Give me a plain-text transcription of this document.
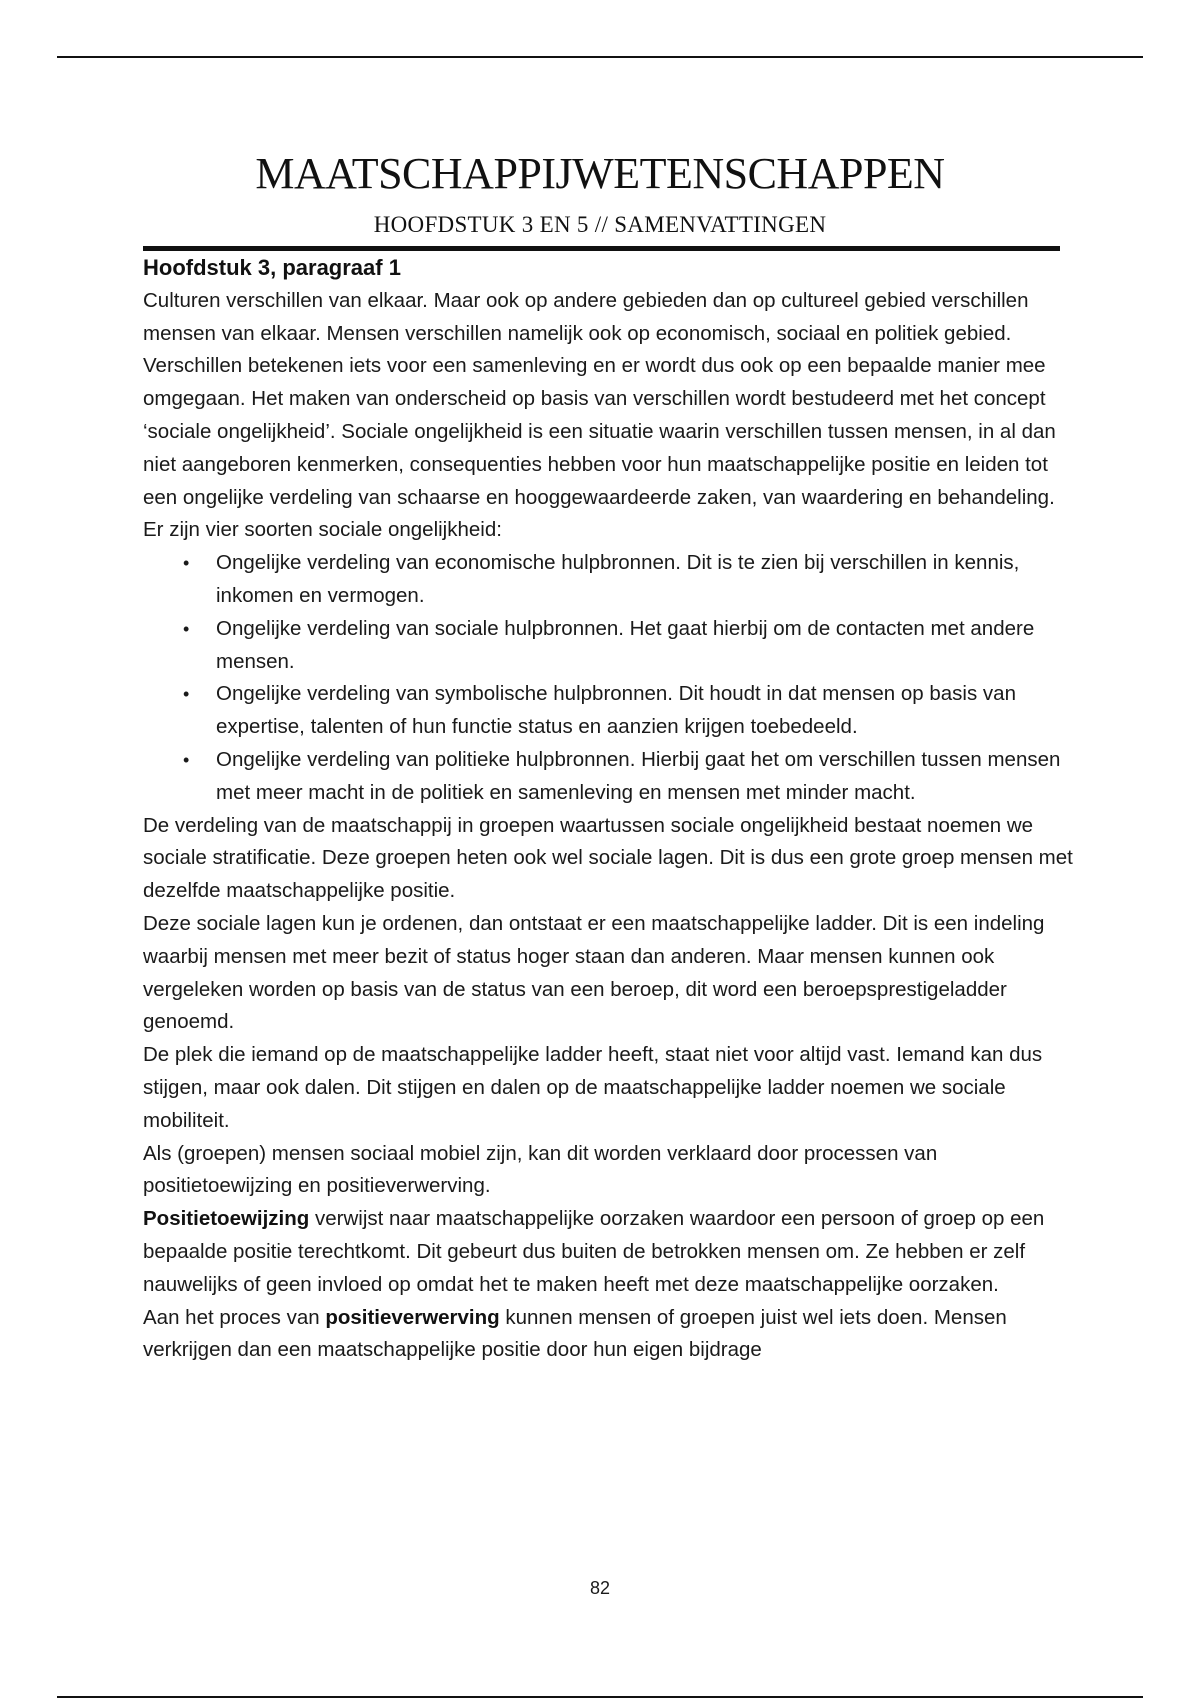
MAATSCHAPPIJWETENSCHAPPEN
HOOFDSTUK 3 EN 5 // SAMENVATTINGEN
Hoofdstuk 3, paragraaf 1

Culturen verschillen van elkaar. Maar ook op andere gebieden dan op cultureel gebied verschillen mensen van elkaar. Mensen verschillen namelijk ook op economisch, sociaal en politiek gebied. Verschillen betekenen iets voor een samenleving en er wordt dus ook op een bepaalde manier mee omgegaan. Het maken van onderscheid op basis van verschillen wordt bestudeerd met het concept ‘sociale ongelijkheid’. Sociale ongelijkheid is een situatie waarin verschillen tussen mensen, in al dan niet aangeboren kenmerken, consequenties hebben voor hun maatschappelijke positie en leiden tot een ongelijke verdeling van schaarse en hooggewaardeerde zaken, van waardering en behandeling.

Er zijn vier soorten sociale ongelijkheid:

• Ongelijke verdeling van economische hulpbronnen. Dit is te zien bij verschillen in kennis, inkomen en vermogen.
• Ongelijke verdeling van sociale hulpbronnen. Het gaat hierbij om de contacten met andere mensen.
• Ongelijke verdeling van symbolische hulpbronnen. Dit houdt in dat mensen op basis van expertise, talenten of hun functie status en aanzien krijgen toebedeeld.
• Ongelijke verdeling van politieke hulpbronnen. Hierbij gaat het om verschillen tussen mensen met meer macht in de politiek en samenleving en mensen met minder macht.

De verdeling van de maatschappij in groepen waartussen sociale ongelijkheid bestaat noemen we sociale stratificatie. Deze groepen heten ook wel sociale lagen. Dit is dus een grote groep mensen met dezelfde maatschappelijke positie.

Deze sociale lagen kun je ordenen, dan ontstaat er een maatschappelijke ladder. Dit is een indeling waarbij mensen met meer bezit of status hoger staan dan anderen. Maar mensen kunnen ook vergeleken worden op basis van de status van een beroep, dit word een beroepsprestigeladder genoemd.

De plek die iemand op de maatschappelijke ladder heeft, staat niet voor altijd vast. Iemand kan dus stijgen, maar ook dalen. Dit stijgen en dalen op de maatschappelijke ladder noemen we sociale mobiliteit.

Als (groepen) mensen sociaal mobiel zijn, kan dit worden verklaard door processen van positietoewijzing en positieverwerving.

Positietoewijzing verwijst naar maatschappelijke oorzaken waardoor een persoon of groep op een bepaalde positie terechtkomt. Dit gebeurt dus buiten de betrokken mensen om. Ze hebben er zelf nauwelijks of geen invloed op omdat het te maken heeft met deze maatschappelijke oorzaken.

Aan het proces van positieverwerving kunnen mensen of groepen juist wel iets doen. Mensen verkrijgen dan een maatschappelijke positie door hun eigen bijdrage

82
